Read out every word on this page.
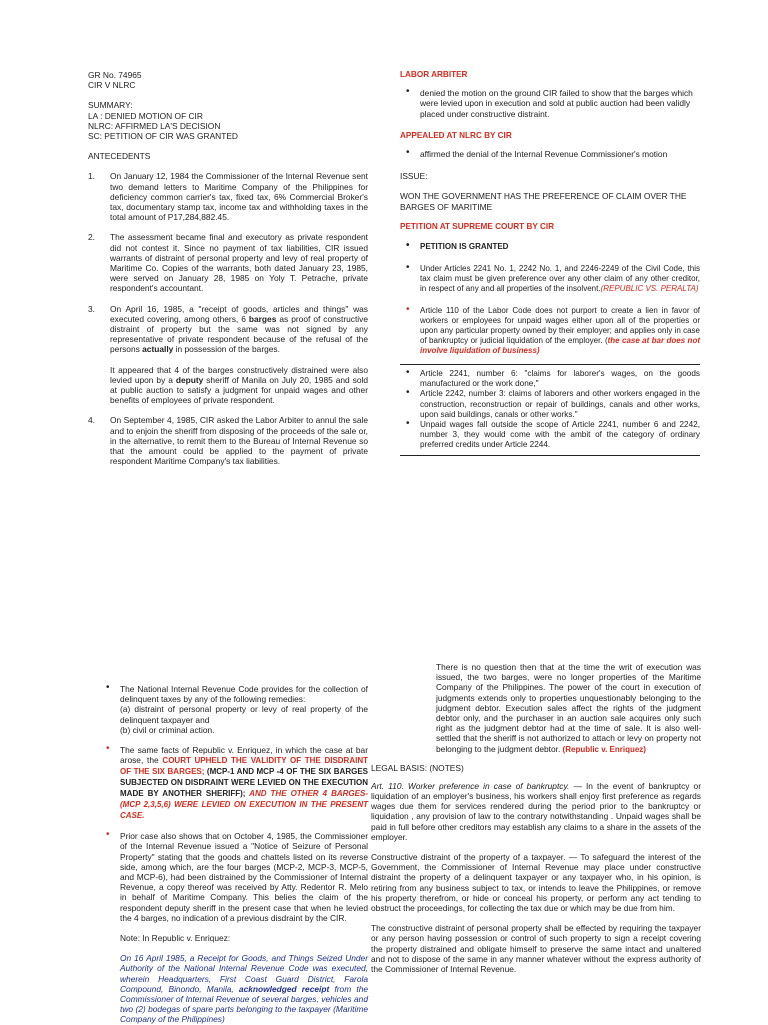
GR No. 74965

CIR V NLRC

SUMMARY:

LA : DENIED MOTION OF CIR

NLRC: AFFIRMED LA'S DECISION

SC: PETITION OF CIR WAS GRANTED

ANTECEDENTS

1. On January 12, 1984 the Commissioner of the Internal Revenue sent two demand letters to Maritime Company of the Philippines for deficiency common carrier's tax, fixed tax, 6% Commercial Broker's tax, documentary stamp tax, income tax and withholding taxes in the total amount of P17,284,882.45.
2. The assessment became final and executory as private respondent did not contest it. Since no payment of tax liabilities, CIR issued warrants of distraint of personal property and levy of real property of Maritime Co. Copies of the warrants, both dated January 23, 1985, were served on January 28, 1985 on Yoly T. Petrache, private respondent's accountant.
3. On April 16, 1985, a "receipt of goods, articles and things" was executed covering, among others, 6 barges as proof of constructive distraint of property but the same was not signed by any representative of private respondent because of the refusal of the persons actually in possession of the barges.
It appeared that 4 of the barges constructively distrained were also levied upon by a deputy sheriff of Manila on July 20, 1985 and sold at public auction to satisfy a judgment for unpaid wages and other benefits of employees of private respondent.
4. On September 4, 1985, CIR asked the Labor Arbiter to annul the sale and to enjoin the sheriff from disposing of the proceeds of the sale or, in the alternative, to remit them to the Bureau of Internal Revenue so that the amount could be applied to the payment of private respondent Maritime Company's tax liabilities.

LABOR ARBITER

• denied the motion on the ground CIR failed to show that the barges which were levied upon in execution and sold at public auction had been validly placed under constructive distraint.

APPEALED AT NLRC BY CIR

• affirmed the denial of the Internal Revenue Commissioner's motion

ISSUE:

WON THE GOVERNMENT HAS THE PREFERENCE OF CLAIM OVER THE BARGES OF MARITIME

PETITION AT SUPREME COURT BY CIR

• PETITION IS GRANTED
• Under Articles 2241 No. 1, 2242 No. 1, and 2246-2249 of the Civil Code, this tax claim must be given preference over any other claim of any other creditor, in respect of any and all properties of the insolvent.(REPUBLIC VS. PERALTA)
• Article 110 of the Labor Code does not purport to create a lien in favor of workers or employees for unpaid wages either upon all of the properties or upon any particular property owned by their employer; and applies only in case of bankruptcy or judicial liquidation of the employer. (the case at bar does not involve liquidation of business)
• Article 2241, number 6: "claims for laborer's wages, on the goods manufactured or the work done,"
• Article 2242, number 3: claims of laborers and other workers engaged in the construction, reconstruction or repair of buildings, canals and other works, upon said buildings, canals or other works."
• Unpaid wages fall outside the scope of Article 2241, number 6 and 2242, number 3, they would come with the ambit of the category of ordinary preferred credits under Article 2244.
• The National Internal Revenue Code provides for the collection of delinquent taxes by any of the following remedies:
(a) distraint of personal property or levy of real property of the delinquent taxpayer and
(b) civil or criminal action.
• The same facts of Republic v. Enriquez, in which the case at bar arose, the COURT UPHELD THE VALIDITY OF THE DISDRAINT OF THE SIX BARGES; (MCP-1 AND MCP -4 OF THE SIX BARGES SUBJECTED ON DISDRAINT WERE LEVIED ON THE EXECUTION MADE BY ANOTHER SHERIFF); AND THE OTHER 4 BARGES- (MCP 2,3,5,6) WERE LEVIED ON EXECUTION IN THE PRESENT CASE.
• Prior case also shows that on October 4, 1985, the Commissioner of the Internal Revenue issued a "Notice of Seizure of Personal Property" stating that the goods and chattels listed on its reverse side, among which, are the four barges (MCP-2, MCP-3, MCP-5, and MCP-6), had been distrained by the Commissioner of Internal Revenue, a copy thereof was received by Atty. Redentor R. Melo in behalf of Maritime Company. This belies the claim of the respondent deputy sheriff in the present case that when he levied the 4 barges, no indication of a previous disdraint by the CIR.

Note: In Republic v. Enriquez:

On 16 April 1985, a Receipt for Goods, and Things Seized Under Authority of the National Internal Revenue Code was executed, wherein Headquarters, First Coast Guard District, Farola Compound, Binondo, Manila, acknowledged receipt from the Commissioner of Internal Revenue of several barges, vehicles and two (2) bodegas of spare parts belonging to the taxpayer (Maritime Company of the Philippines)

There is no question then that at the time the writ of execution was issued, the two barges, were no longer properties of the Maritime Company of the Philippines. The power of the court in execution of judgments extends only to properties unquestionably belonging to the judgment debtor. Execution sales affect the rights of the judgment debtor only, and the purchaser in an auction sale acquires only such right as the judgment debtor had at the time of sale. It is also well-settled that the sheriff is not authorized to attach or levy on property not belonging to the judgment debtor. (Republic v. Enriquez)

LEGAL BASIS: (NOTES)

Art. 110. Worker preference in case of bankruptcy. — In the event of bankruptcy or liquidation of an employer's business, his workers shall enjoy first preference as regards wages due them for services rendered during the period prior to the bankruptcy or liquidation , any provision of law to the contrary notwithstanding . Unpaid wages shall be paid in full before other creditors may establish any claims to a share in the assets of the employer.

Constructive distraint of the property of a taxpayer. — To safeguard the interest of the Government, the Commissioner of Internal Revenue may place under constructive distraint the property of a delinquent taxpayer or any taxpayer who, in his opinion, is retiring from any business subject to tax, or intends to leave the Philippines, or remove his property therefrom, or hide or conceal his property, or perform any act tending to obstruct the proceedings, for collecting the tax due or which may be due from him.

The constructive distraint of personal property shall be effected by requiring the taxpayer or any person having possession or control of such property to sign a receipt covering the property distrained and obligate himself to preserve the same intact and unaltered and not to dispose of the same in any manner whatever without the express authority of the Commissioner of Internal Revenue.
